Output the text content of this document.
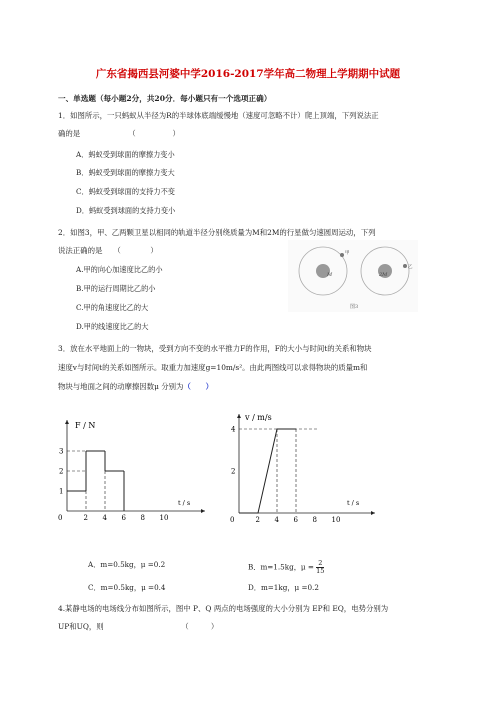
广东省揭西县河婆中学2016-2017学年高二物理上学期期中试题
一、单选题（每小题2分，共20分．每小题只有一个选项正确）
1．如图所示，一只蚂蚁从半径为R的半球体底端缓慢地（速度可忽略不计）爬上顶端，下列说法正
确的是　　　　　　　（　　　　　）
A．蚂蚁受到球面的摩擦力变小
B．蚂蚁受到球面的摩擦力变大
C．蚂蚁受到球面的支持力不变
D．蚂蚁受到球面的支持力变小
2．如图3，甲、乙两颗卫星以相同的轨道半径分别绕质量为M和2M的行星做匀速圆周运动，下列
说法正确的是　　（　　　　）
A.甲的向心加速度比乙的小
B.甲的运行周期比乙的小
C.甲的角速度比乙的大
D.甲的线速度比乙的大
M
甲
2M
乙
图3
3．放在水平地面上的一物块，受到方向不变的水平推力F的作用，F的大小与时间t的关系和物块
速度v与时间t的关系如图所示。取重力加速度g=10m/s²。由此两图线可以求得物块的质量m和
物块与地面之间的动摩擦因数μ 分别为（　　）
F / N
t / s
0	2 4 6 8 10
1
2
3
v / m/s
t / s
0	2 4 6 8 10
2
4
A．m=0.5kg，μ =0.2	B．m=1.5kg，$\mu = \frac{2}{15}$
C．m=0.5kg，μ =0.4	D．m=1kg，μ =0.2
4.某静电场的电场线分布如图所示，图中 P、Q 两点的电场强度的大小分别为 EP和 EQ，电势分别为
UP和UQ，则　　　　　　　　　　　（　　　）
